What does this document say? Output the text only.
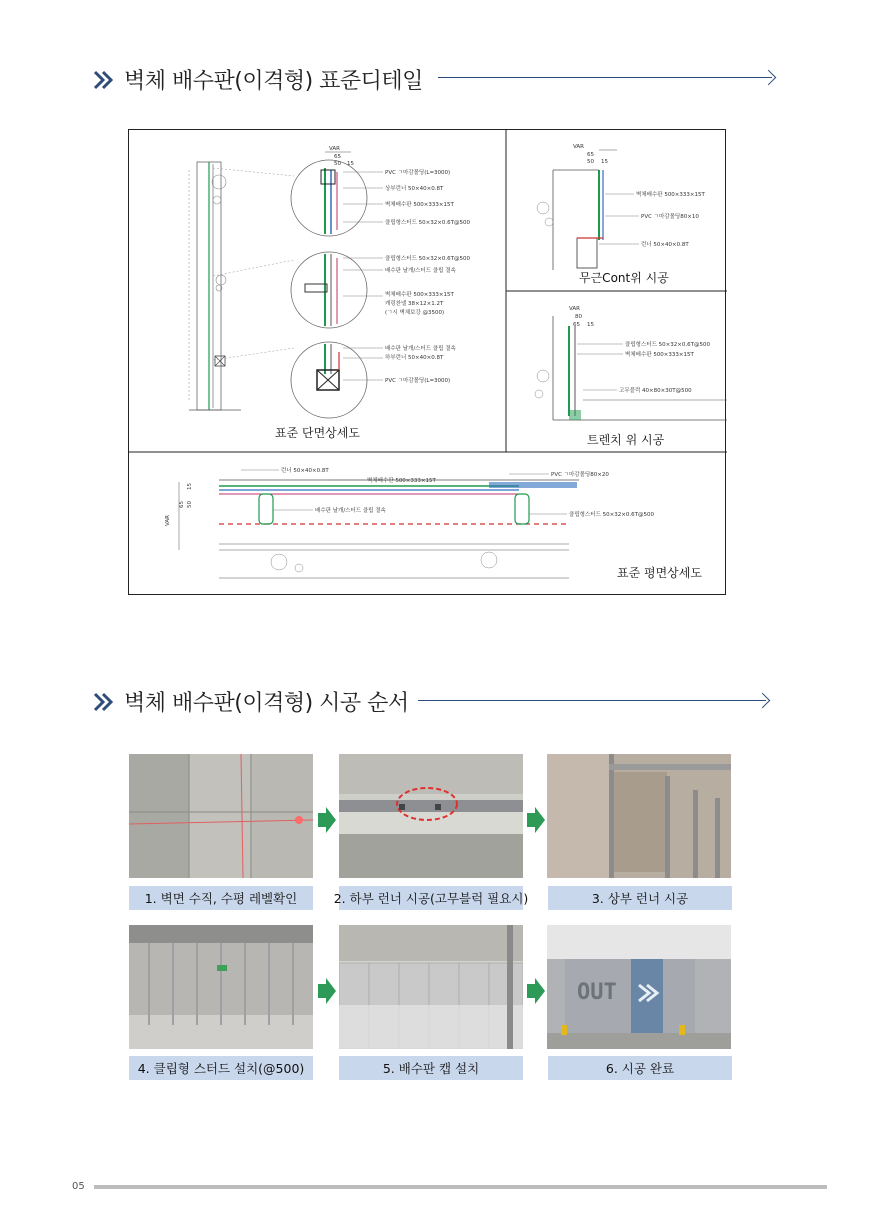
벽체 배수판(이격형) 표준디테일
VAR
65
50 15
PVC ㄱ마감몰딩(L=3000)
상부런너 50×40×0.8T
벽체배수판 500×333×15T
클립형스터드 50×32×0.6T@500
클립형스터드 50×32×0.6T@500
배수판 날개/스터드 클립 결속
벽체배수판 500×333×15T
캐링찬넬 38×12×1.2T
(ㄱ시 벽체보강 @3500)
배수판 날개/스터드 클립 결속
하부런너 50×40×0.8T
PVC ㄱ마감몰딩(L=3000)
VAR
65
50 15
벽체배수판 500×333×15T
PVC ㄱ마감몰딩80×10
런너 50×40×0.8T
VAR
80
65 15
클립형스터드 50×32×0.6T@500
벽체배수판 500×333×15T
고무블럭 40×80×30T@500
VAR
65 50
15
런너 50×40×0.8T
벽체배수판 500×333×15T
PVC ㄱ마감몰딩80×20
배수판 날개/스터드 클립 결속
클립형스터드 50×32×0.6T@500
표준 단면상세도
무근Cont위 시공
트렌치 위 시공
표준 평면상세도
벽체 배수판(이격형) 시공 순서
1. 벽면 수직, 수평 레벨확인	2. 하부 런너 시공(고무블럭 필요시)	3. 상부 런너 시공
OUT
4. 클립형 스터드 설치(@500)	5. 배수판 캡 설치	6. 시공 완료
05
